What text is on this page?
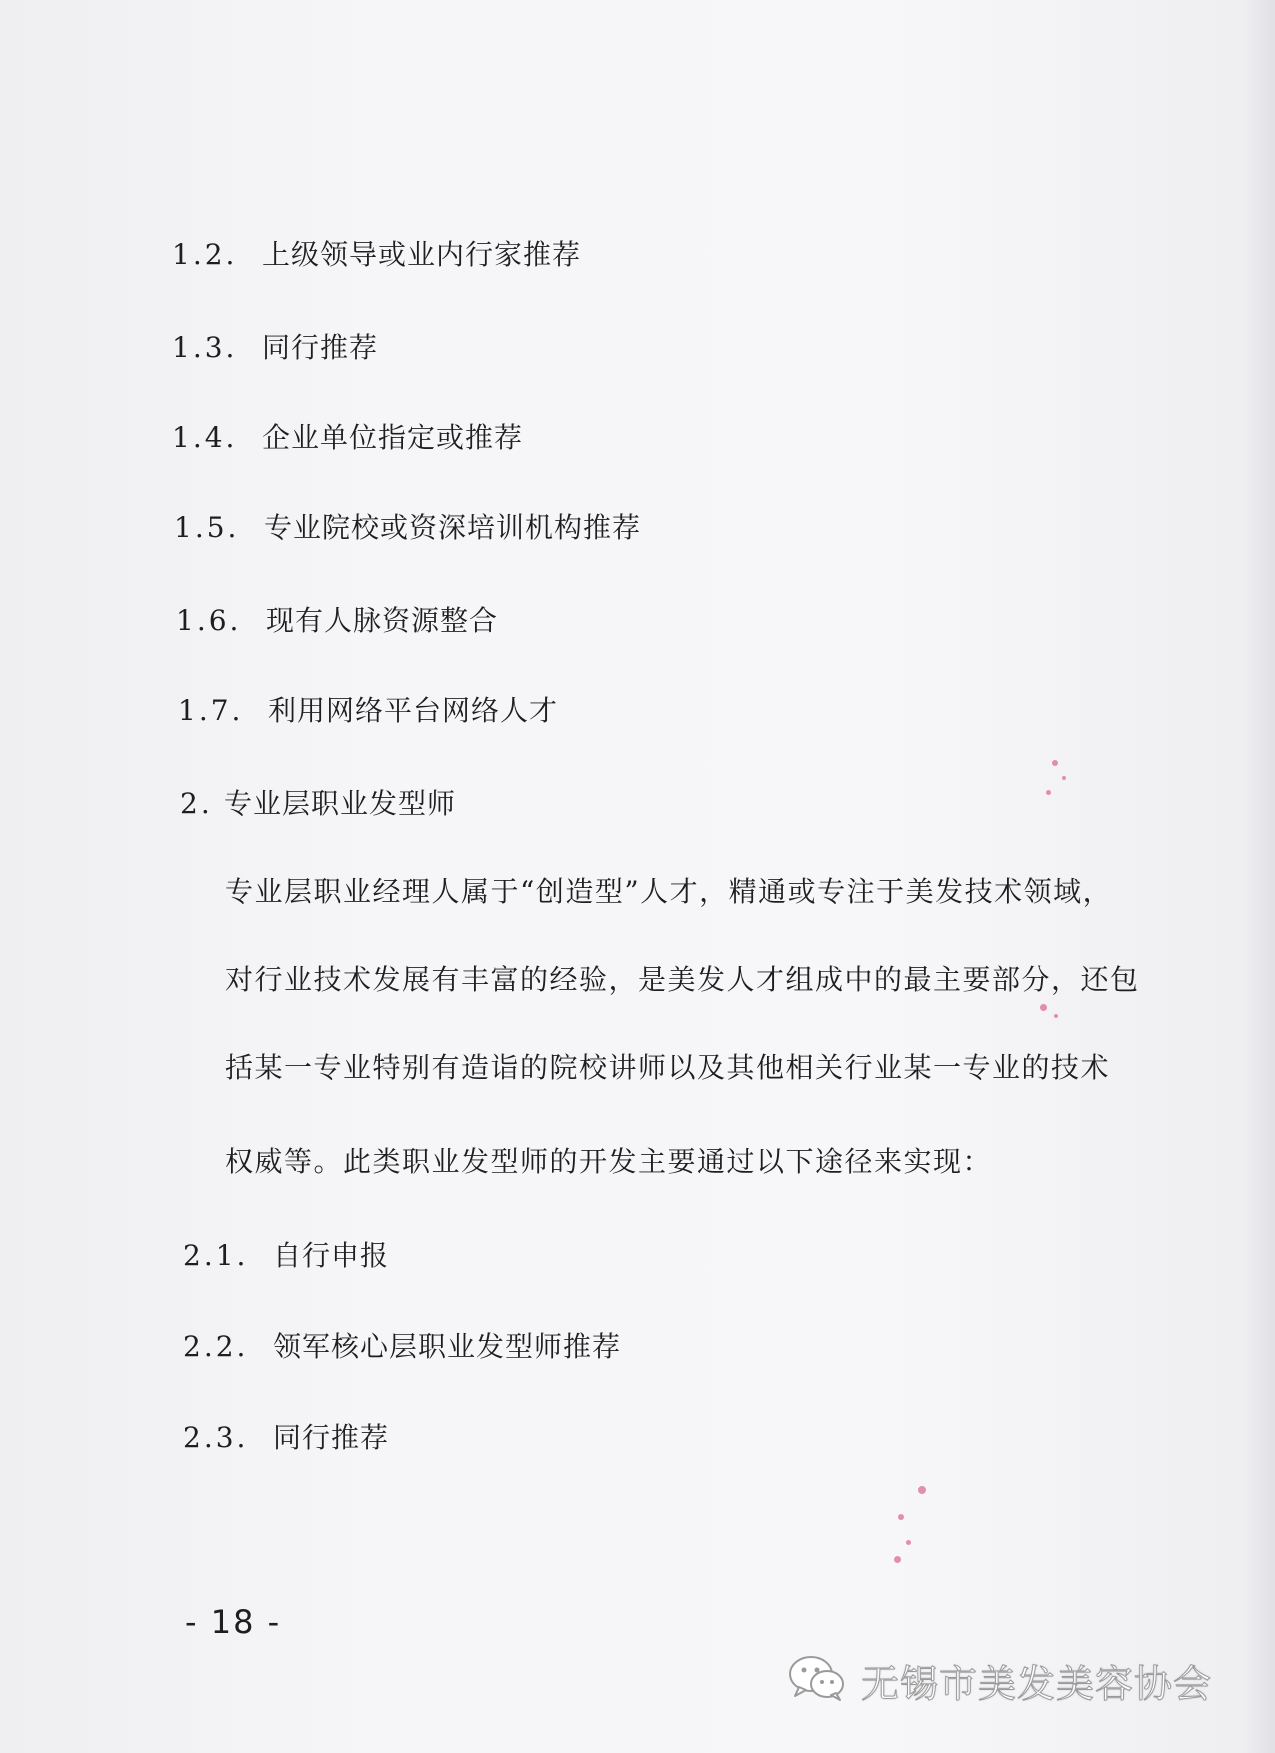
1.2. 上级领导或业内行家推荐
1.3. 同行推荐
1.4. 企业单位指定或推荐
1.5. 专业院校或资深培训机构推荐
1.6. 现有人脉资源整合
1.7. 利用网络平台网络人才
2. 专业层职业发型师
专业层职业经理人属于“创造型”人才，精通或专注于美发技术领域，
对行业技术发展有丰富的经验，是美发人才组成中的最主要部分，还包
括某一专业特别有造诣的院校讲师以及其他相关行业某一专业的技术
权威等。此类职业发型师的开发主要通过以下途径来实现：
2.1. 自行申报
2.2. 领军核心层职业发型师推荐
2.3. 同行推荐
- 18 -
无锡市美发美容协会
